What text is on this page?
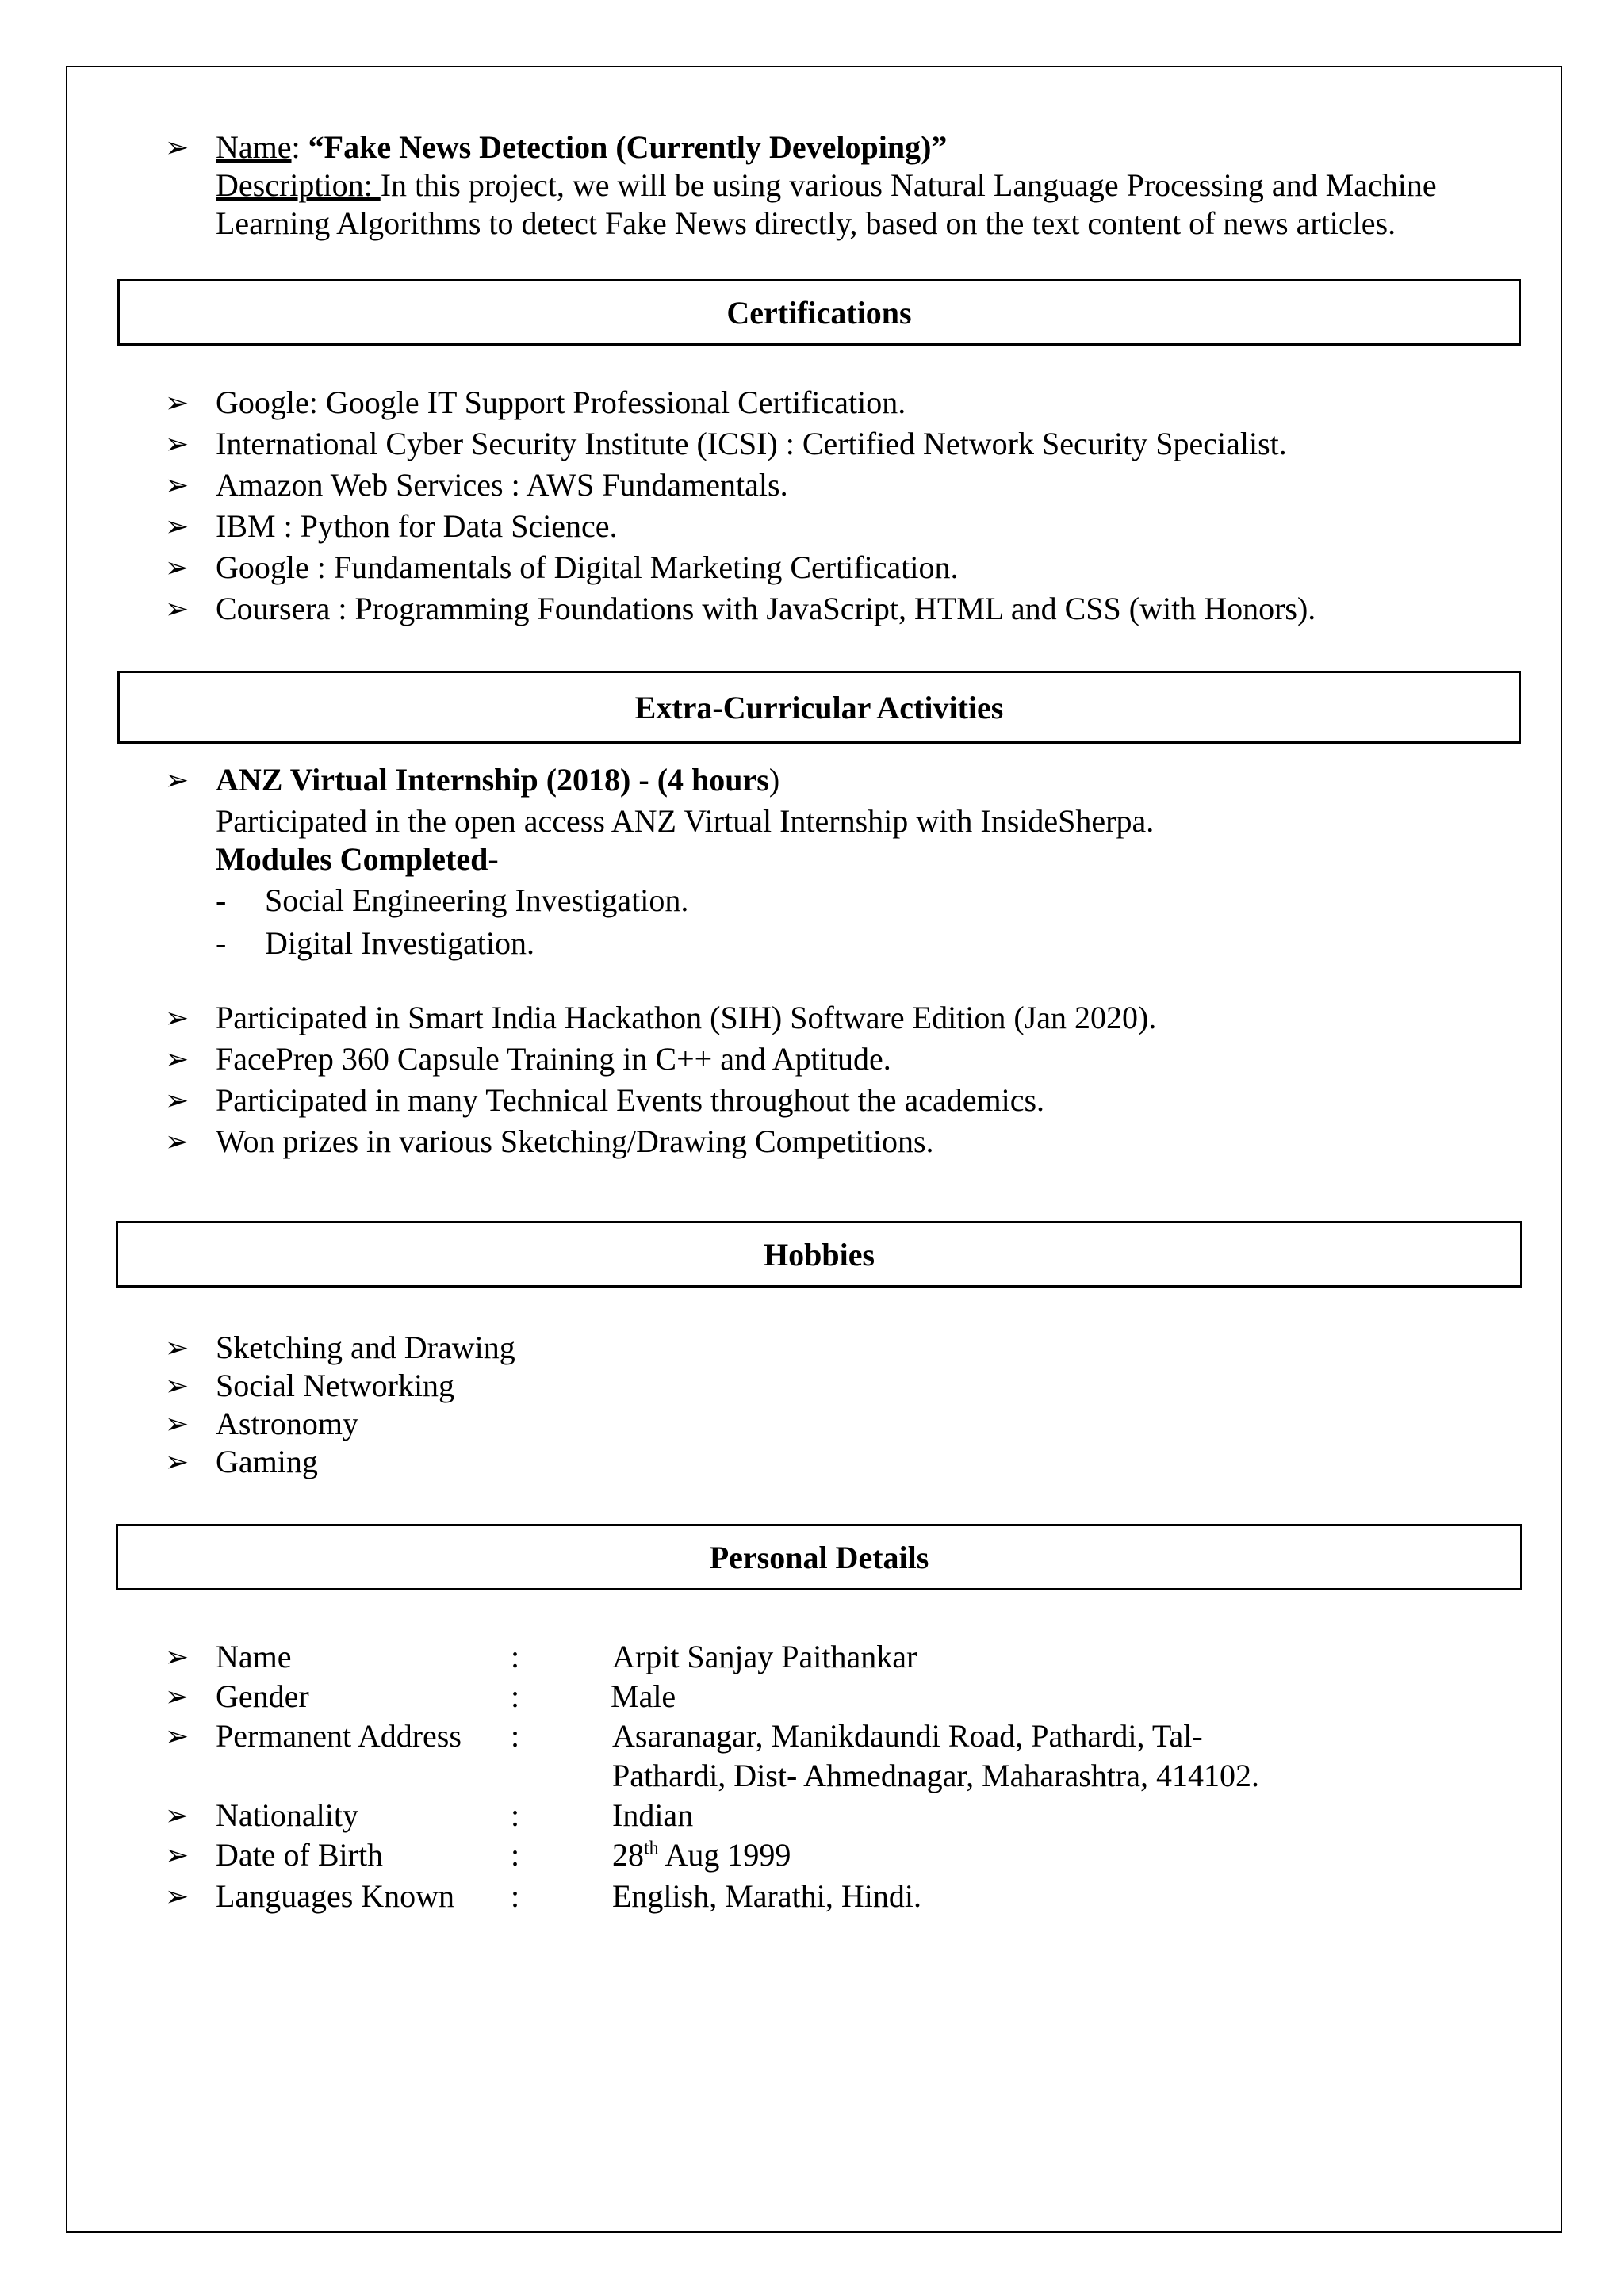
➢ Name: “Fake News Detection (Currently Developing)”
Description: In this project, we will be using various Natural Language Processing and Machine
Learning Algorithms to detect Fake News directly, based on the text content of news articles.
Certifications
➢ Google: Google IT Support Professional Certification.
➢ International Cyber Security Institute (ICSI) : Certified Network Security Specialist.
➢ Amazon Web Services : AWS Fundamentals.
➢ IBM : Python for Data Science.
➢ Google : Fundamentals of Digital Marketing Certification.
➢ Coursera : Programming Foundations with JavaScript, HTML and CSS (with Honors).
Extra-Curricular Activities
➢ ANZ Virtual Internship (2018) - (4 hours)
Participated in the open access ANZ Virtual Internship with InsideSherpa.
Modules Completed-
- Social Engineering Investigation.
- Digital Investigation.
➢ Participated in Smart India Hackathon (SIH) Software Edition (Jan 2020).
➢ FacePrep 360 Capsule Training in C++ and Aptitude.
➢ Participated in many Technical Events throughout the academics.
➢ Won prizes in various Sketching/Drawing Competitions.
Hobbies
➢ Sketching and Drawing
➢ Social Networking
➢ Astronomy
➢ Gaming
Personal Details
➢ Name	:	Arpit Sanjay Paithankar
➢ Gender	:	Male
➢ Permanent Address :	Asaranagar, Manikdaundi Road, Pathardi, Tal-
Pathardi, Dist- Ahmednagar, Maharashtra, 414102.
➢ Nationality	:	Indian
➢ Date of Birth	:	28th Aug 1999
➢ Languages Known :	English, Marathi, Hindi.
